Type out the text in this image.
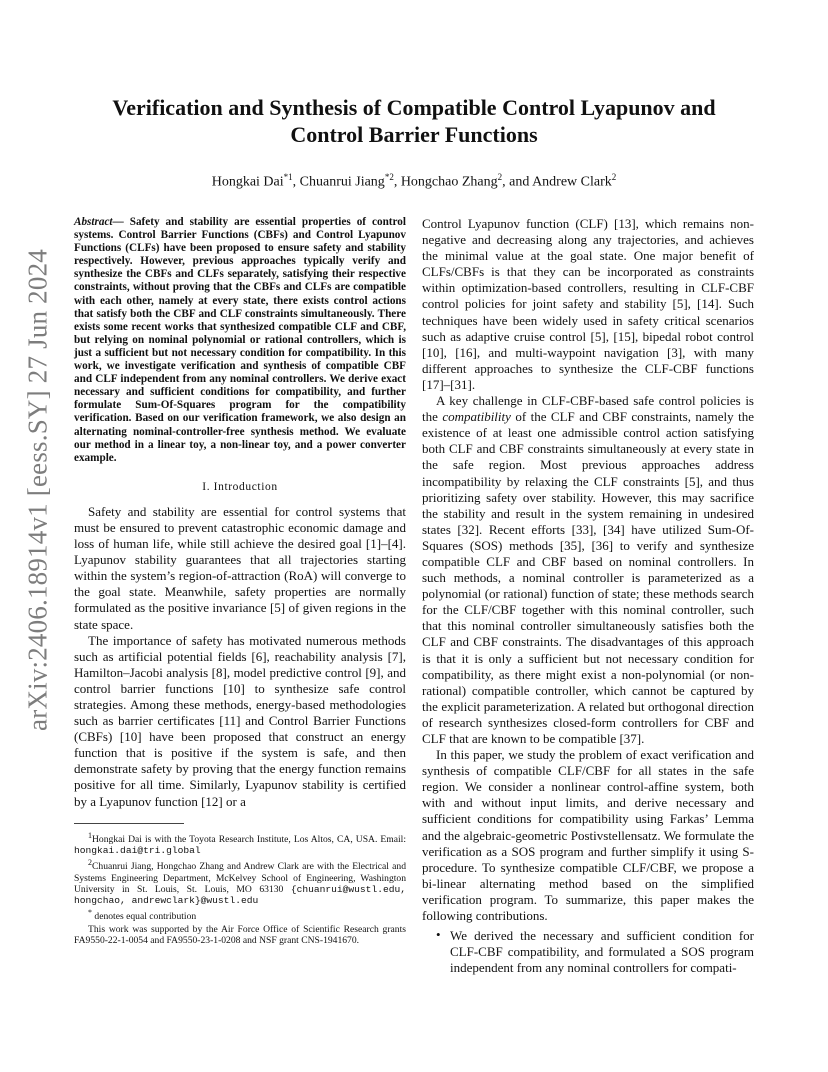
arXiv:2406.18914v1 [eess.SY] 27 Jun 2024
Verification and Synthesis of Compatible Control Lyapunov and Control Barrier Functions
Hongkai Dai$^{*1}$, Chuanrui Jiang$^{*2}$, Hongchao Zhang$^2$, and Andrew Clark$^2$

Abstract— Safety and stability are essential properties of control systems. Control Barrier Functions (CBFs) and Control Lyapunov Functions (CLFs) have been proposed to ensure safety and stability respectively. However, previous approaches typically verify and synthesize the CBFs and CLFs separately, satisfying their respective constraints, without proving that the CBFs and CLFs are compatible with each other, namely at every state, there exists control actions that satisfy both the CBF and CLF constraints simultaneously. There exists some recent works that synthesized compatible CLF and CBF, but relying on nominal polynomial or rational controllers, which is just a sufficient but not necessary condition for compatibility. In this work, we investigate verification and synthesis of compatible CBF and CLF independent from any nominal controllers. We derive exact necessary and sufficient conditions for compatibility, and further formulate Sum-Of-Squares program for the compatibility verification. Based on our verification framework, we also design an alternating nominal-controller-free synthesis method. We evaluate our method in a linear toy, a non-linear toy, and a power converter example.

I. Introduction

Safety and stability are essential for control systems that must be ensured to prevent catastrophic economic damage and loss of human life, while still achieve the desired goal [1]–[4]. Lyapunov stability guarantees that all trajectories starting within the system’s region-of-attraction (RoA) will converge to the goal state. Meanwhile, safety properties are normally formulated as the positive invariance [5] of given regions in the state space.

The importance of safety has motivated numerous methods such as artificial potential fields [6], reachability analysis [7], Hamilton–Jacobi analysis [8], model predictive control [9], and control barrier functions [10] to synthesize safe control strategies. Among these methods, energy-based methodologies such as barrier certificates [11] and Control Barrier Functions (CBFs) [10] have been proposed that construct an energy function that is positive if the system is safe, and then demonstrate safety by proving that the energy function remains positive for all time. Similarly, Lyapunov stability is certified by a Lyapunov function [12] or a

$^1$Hongkai Dai is with the Toyota Research Institute, Los Altos, CA, USA. Email: hongkai.dai@tri.global

$^2$Chuanrui Jiang, Hongchao Zhang and Andrew Clark are with the Electrical and Systems Engineering Department, McKelvey School of Engineering, Washington University in St. Louis, St. Louis, MO 63130 {chuanrui@wustl.edu, hongchao, andrewclark}@wustl.edu

* denotes equal contribution

This work was supported by the Air Force Office of Scientific Research grants FA9550-22-1-0054 and FA9550-23-1-0208 and NSF grant CNS-1941670.

Control Lyapunov function (CLF) [13], which remains non-negative and decreasing along any trajectories, and achieves the minimal value at the goal state. One major benefit of CLFs/CBFs is that they can be incorporated as constraints within optimization-based controllers, resulting in CLF-CBF control policies for joint safety and stability [5], [14]. Such techniques have been widely used in safety critical scenarios such as adaptive cruise control [5], [15], bipedal robot control [10], [16], and multi-waypoint navigation [3], with many different approaches to synthesize the CLF-CBF functions [17]–[31].

A key challenge in CLF-CBF-based safe control policies is the compatibility of the CLF and CBF constraints, namely the existence of at least one admissible control action satisfying both CLF and CBF constraints simultaneously at every state in the safe region. Most previous approaches address incompatibility by relaxing the CLF constraints [5], and thus prioritizing safety over stability. However, this may sacrifice the stability and result in the system remaining in undesired states [32]. Recent efforts [33], [34] have utilized Sum-Of-Squares (SOS) methods [35], [36] to verify and synthesize compatible CLF and CBF based on nominal controllers. In such methods, a nominal controller is parameterized as a polynomial (or rational) function of state; these methods search for the CLF/CBF together with this nominal controller, such that this nominal controller simultaneously satisfies both the CLF and CBF constraints. The disadvantages of this approach is that it is only a sufficient but not necessary condition for compatibility, as there might exist a non-polynomial (or non-rational) compatible controller, which cannot be captured by the explicit parameterization. A related but orthogonal direction of research synthesizes closed-form controllers for CBF and CLF that are known to be compatible [37].

In this paper, we study the problem of exact verification and synthesis of compatible CLF/CBF for all states in the safe region. We consider a nonlinear control-affine system, both with and without input limits, and derive necessary and sufficient conditions for compatibility using Farkas’ Lemma and the algebraic-geometric Postivstellensatz. We formulate the verification as a SOS program and further simplify it using S-procedure. To synthesize compatible CLF/CBF, we propose a bi-linear alternating method based on the simplified verification program. To summarize, this paper makes the following contributions.

• We derived the necessary and sufficient condition for CLF-CBF compatibility, and formulated a SOS program independent from any nominal controllers for compati-
